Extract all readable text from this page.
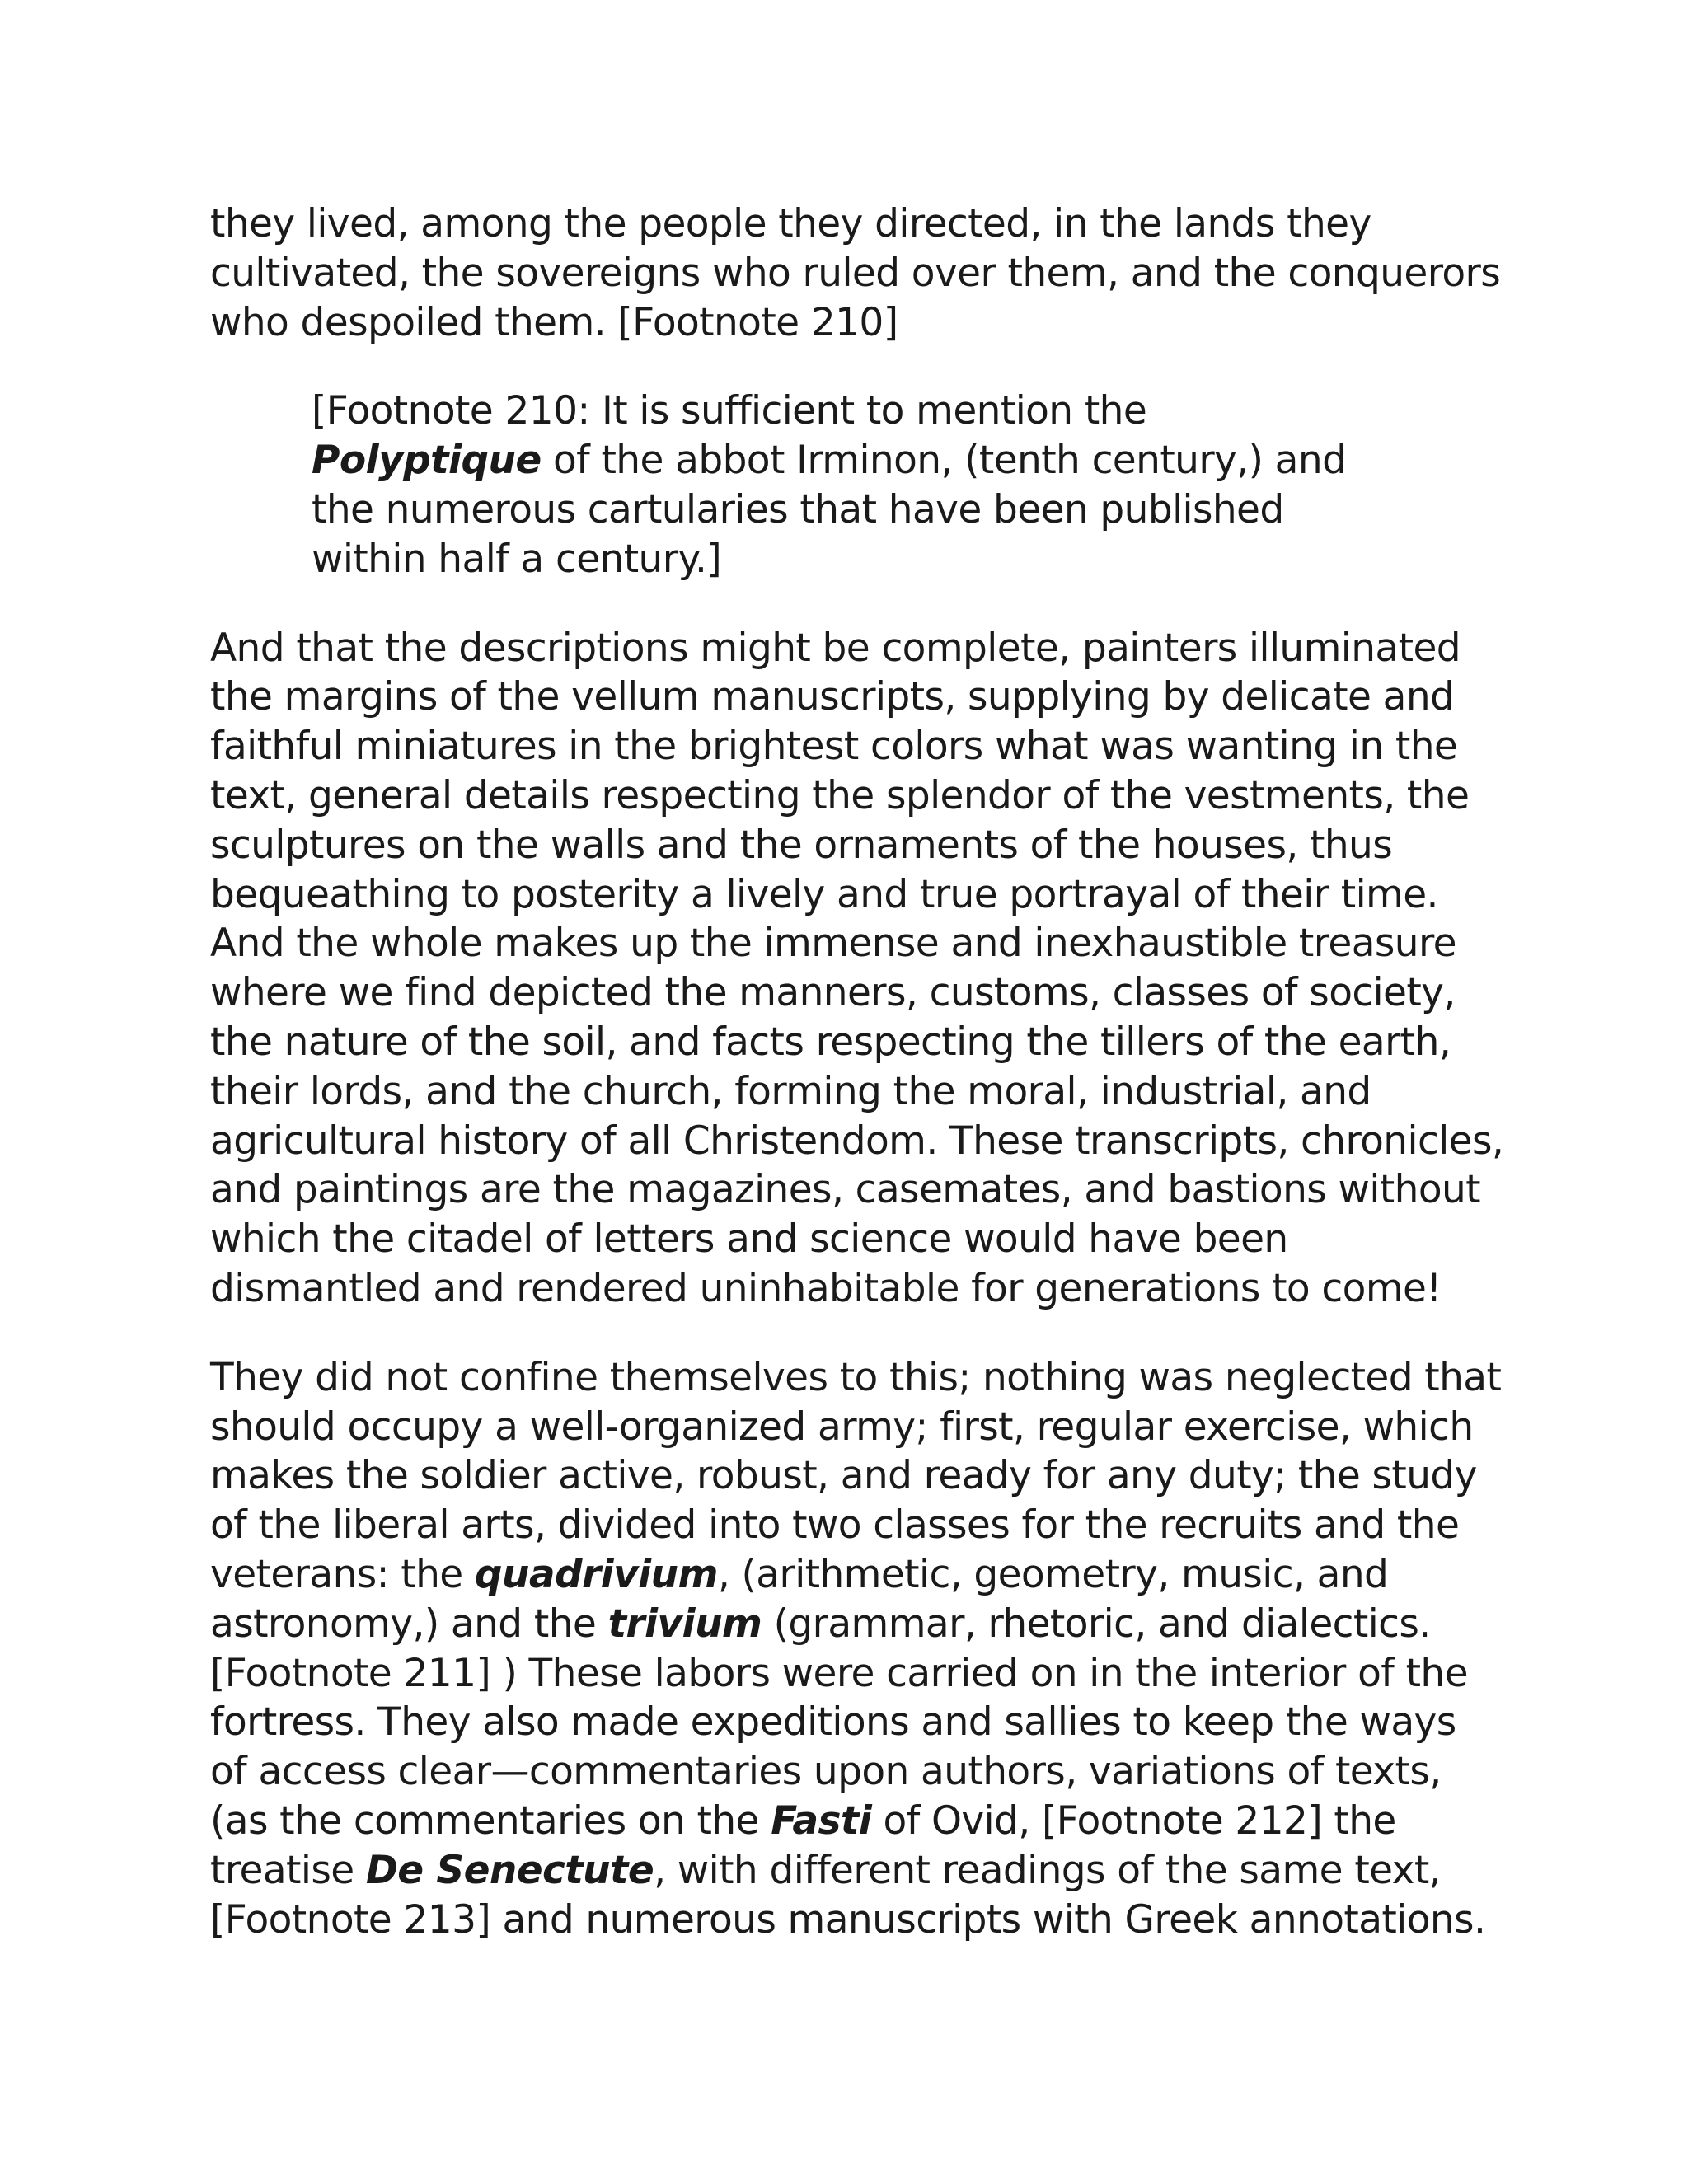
they lived, among the people they directed, in the lands they
cultivated, the sovereigns who ruled over them, and the conquerors
who despoiled them. [Footnote 210]
[Footnote 210: It is sufficient to mention the
Polyptique of the abbot Irminon, (tenth century,) and
the numerous cartularies that have been published
within half a century.]
And that the descriptions might be complete, painters illuminated
the margins of the vellum manuscripts, supplying by delicate and
faithful miniatures in the brightest colors what was wanting in the
text, general details respecting the splendor of the vestments, the
sculptures on the walls and the ornaments of the houses, thus
bequeathing to posterity a lively and true portrayal of their time.
And the whole makes up the immense and inexhaustible treasure
where we find depicted the manners, customs, classes of society,
the nature of the soil, and facts respecting the tillers of the earth,
their lords, and the church, forming the moral, industrial, and
agricultural history of all Christendom. These transcripts, chronicles,
and paintings are the magazines, casemates, and bastions without
which the citadel of letters and science would have been
dismantled and rendered uninhabitable for generations to come!
They did not confine themselves to this; nothing was neglected that
should occupy a well-organized army; first, regular exercise, which
makes the soldier active, robust, and ready for any duty; the study
of the liberal arts, divided into two classes for the recruits and the
veterans: the quadrivium, (arithmetic, geometry, music, and
astronomy,) and the trivium (grammar, rhetoric, and dialectics.
[Footnote 211] ) These labors were carried on in the interior of the
fortress. They also made expeditions and sallies to keep the ways
of access clear—commentaries upon authors, variations of texts,
(as the commentaries on the Fasti of Ovid, [Footnote 212] the
treatise De Senectute, with different readings of the same text,
[Footnote 213] and numerous manuscripts with Greek annotations.
